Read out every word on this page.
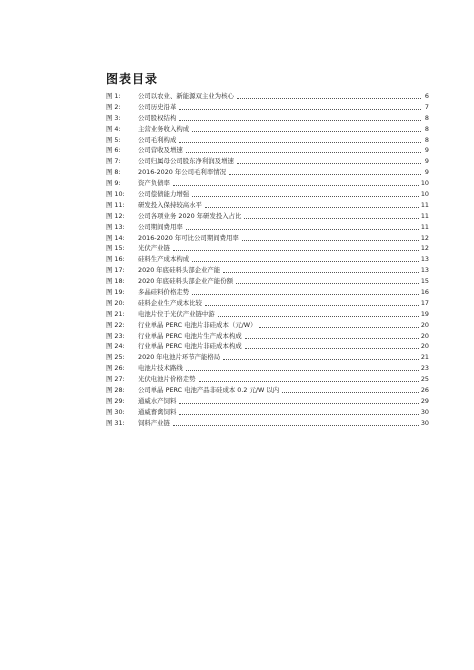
图表目录
图 1:	公司以农业、新能源双主业为核心	6
图 2:	公司历史沿革	7
图 3:	公司股权结构	8
图 4:	主营业务收入构成	8
图 5:	公司毛利构成	8
图 6:	公司营收及增速	9
图 7:	公司归属母公司股东净利润及增速	9
图 8:	2016-2020 年公司毛利率情况	9
图 9:	资产负债率	10
图 10:	公司偿债能力增强	10
图 11:	研发投入保持较高水平	11
图 12:	公司各项业务 2020 年研发投入占比	11
图 13:	公司期间费用率	11
图 14:	2016-2020 年可比公司期间费用率	12
图 15:	光伏产业链	12
图 16:	硅料生产成本构成	13
图 17:	2020 年底硅料头部企业产能	13
图 18:	2020 年底硅料头部企业产能份额	15
图 19:	多晶硅料价格走势	16
图 20:	硅料企业生产成本比较	17
图 21:	电池片位于光伏产业链中游	19
图 22:	行业单晶 PERC 电池片非硅成本（元/W）	20
图 23:	行业单晶 PERC 电池片生产成本构成	20
图 24:	行业单晶 PERC 电池片非硅成本构成	20
图 25:	2020 年电池片环节产能格局	21
图 26:	电池片技术路线	23
图 27:	光伏电池片价格走势	25
图 28:	公司单晶 PERC 电池产品非硅成本 0.2 元/W 以内	26
图 29:	通威水产饲料	29
图 30:	通威畜禽饲料	30
图 31:	饲料产业链	30
